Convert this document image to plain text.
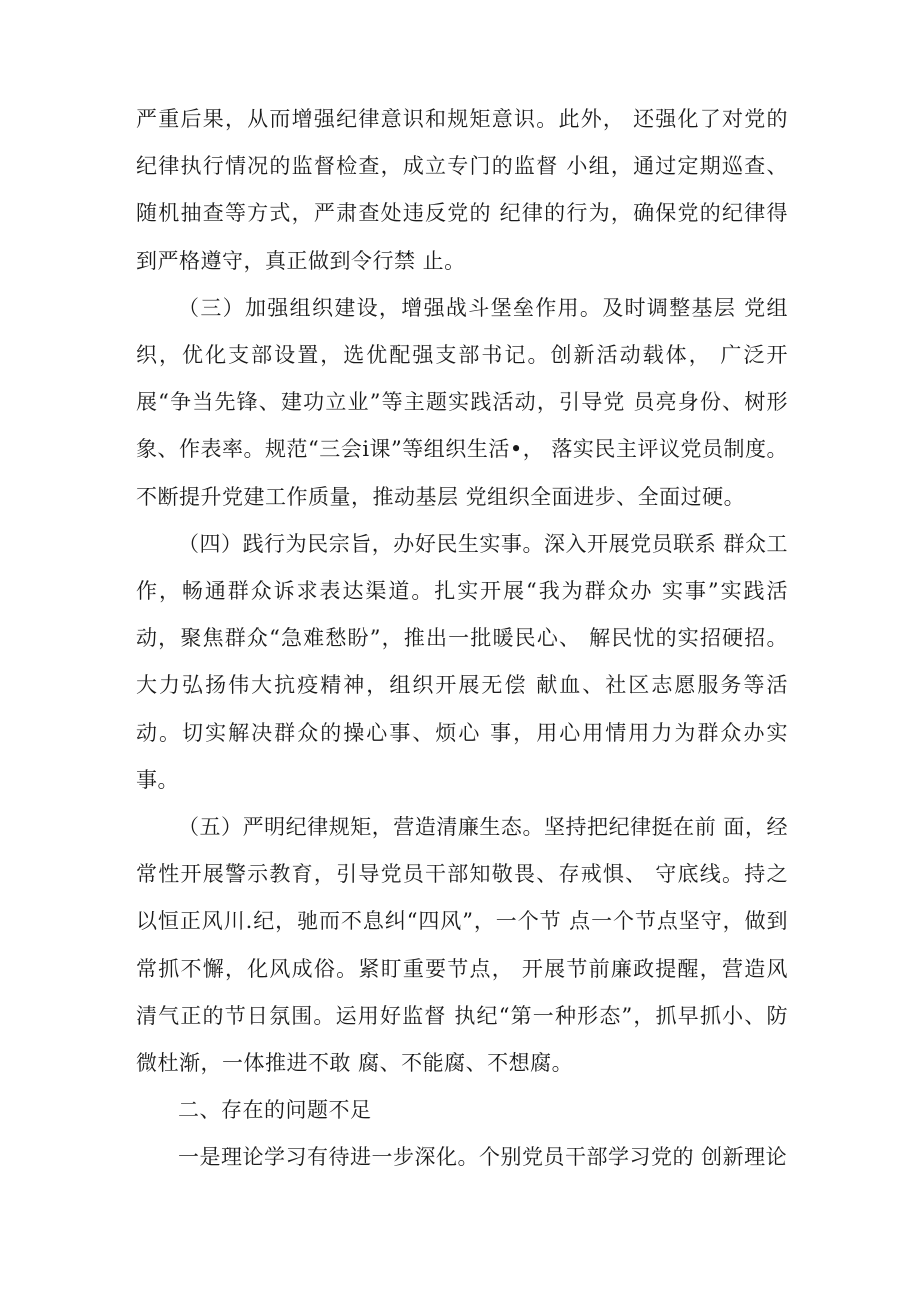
严重后果，从而增强纪律意识和规矩意识。此外， 还强化了对党的纪律执行情况的监督检查，成立专门的监督 小组，通过定期巡查、随机抽查等方式，严肃查处违反党的 纪律的行为，确保党的纪律得到严格遵守，真正做到令行禁 止。

（三）加强组织建设，增强战斗堡垒作用。及时调整基层 党组织，优化支部设置，选优配强支部书记。创新活动载体， 广泛开展“争当先锋、建功立业”等主题实践活动，引导党 员亮身份、树形象、作表率。规范“三会i课”等组织生活•， 落实民主评议党员制度。不断提升党建工作质量，推动基层 党组织全面进步、全面过硬。

（四）践行为民宗旨，办好民生实事。深入开展党员联系 群众工作，畅通群众诉求表达渠道。扎实开展“我为群众办 实事”实践活动，聚焦群众“急难愁盼”，推出一批暖民心、 解民忧的实招硬招。大力弘扬伟大抗疫精神，组织开展无偿 献血、社区志愿服务等活动。切实解决群众的操心事、烦心 事，用心用情用力为群众办实事。

（五）严明纪律规矩，营造清廉生态。坚持把纪律挺在前 面，经常性开展警示教育，引导党员干部知敬畏、存戒惧、 守底线。持之以恒正风川.纪，驰而不息纠“四风”，一个节 点一个节点坚守，做到常抓不懈，化风成俗。紧盯重要节点， 开展节前廉政提醒，营造风清气正的节日氛围。运用好监督 执纪“第一种形态”，抓早抓小、防微杜渐，一体推进不敢 腐、不能腐、不想腐。

二、存在的问题不足

一是理论学习有待进一步深化。个别党员干部学习党的 创新理论
